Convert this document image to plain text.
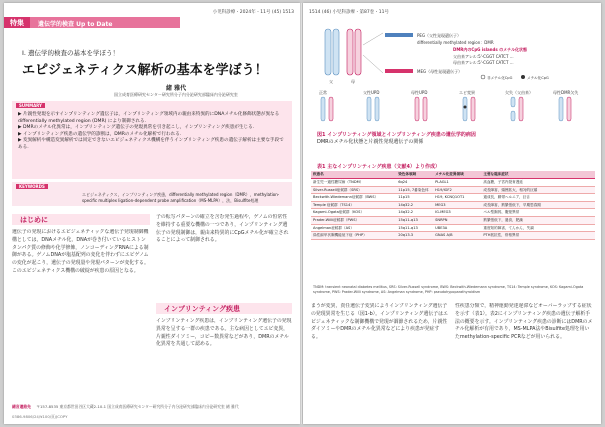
小児科診療・2024年・11号 (45) 1513
特集	遺伝学的検査 Up to Date
Ⅰ. 遺伝学的検査の基本を学ぼう！
エピジェネティクス解析の基本を学ぼう！
緒 雅代
国立成育医療研究センター研究所分子内分泌研究部臨床内分泌研究室
SUMMARY
▶ 片親性発現を示すインプリンティング遺伝子は，インプリンティング領域内の親由来特異的にDNAメチル化修飾状態が異なるdifferentially methylated region (DMR) により制御される.
▶ DMRのメチル化異常は，インプリンティング遺伝子の発現異常を引き起こし，インプリンティング疾患が生じる.
▶ インプリンティング疾患の遺伝学的診断は，DMRのメチル化解析で行われる.
▶ 変異解析や構造変異解析では同定できないエピジェネティクス機構を伴うインプリンティング疾患の遺伝子解析は主要な手段である.
KEYWORDS
エピジェネティクス，インプリンティング疾患，differentially methylated region（DMR），methylation-specific multiplex ligation-dependent probe amplification（MS-MLPA），法，Bisulfite処理
はじめに
遺伝子の発現におけるエピジェネティックな遺伝子発現制御機構としては，DNAメチル化，DNAが巻き付いているヒストンタンパク質の修飾や化学修飾，ノンコーディングRNAによる制御がある。ゲノムDNAが塩基配列の変化を伴わずにエピゲノムの変化が起こり，遺伝子の発現量や発現パターンが変化する。このエピジェネティクス機構の破綻が疾患の原因となる。
子の転写パターンの確立を含む発生過程や，ゲノムの恒常性を維持する重要な機構の一つであり，インプリンティング遺伝子の発現制御は，親由来特異的にCpGメチル化が確立されることによって制御される。
インプリンティング疾患
インプリンティング疾患は，インプリンティング遺伝子の発現異常を呈する一群の疾患である。主な病因としてエピ変異，片親性ダイソミー，コピー数異常などがあり，DMRのメチル化異常を共通して認める。
緒言連絡先 〒157-8535 東京都世田谷区大蔵2-10-1 国立成育医療研究センター研究所分子内分泌研究部臨床内分泌研究室 緒 雅代
0386-9806/24/¥100/頁/JCOPY
1514 (46) 小児科診療・第87巻・11号
父	母
PEG（父性発現遺伝子）
differentially methylated region：DMR
DMR内のCpG islands のメチル化状態
父由来アレル:5'-CGGT CATCT …
母由来アレル:5'-CGGT CATCT …
MEG（母性発現遺伝子）
非メチル化CpG	メチル化CpG
正常	父性UPD	母性UPD	エピ変異	欠失（父由来）	母性DMR欠失
図1 インプリンティング領域とインプリンティング疾患の遺伝学的病因
DMRのメチル化状態と片親性発現遺伝子の関係
表1 主なインプリンティング疾患（文献4）より作成）
疾患名	染色体領域	メチル化変異領域	主要な臨床症状
新生児一過性糖尿病（TNDM）	6q24	PLAGL1	高血糖，子宮内発育遅延
Silver-Russell症候群（SRS）	11p15, 7番染色体	H19/IGF2	成長障害，頭囲拡大，相対的巨頭
Beckwith-Wiedemann症候群（BWS）	11p15	H19, KCNQ1OT1	過成長，臍帯ヘルニア，巨舌
Temple 症候群（TS14）	14q32.2	MEG3	成長障害，筋緊張低下，早期思春期
Kagami-Ogata症候群（KOS）	14q32.2	IG-MEG3	ベル型胸郭，腹壁異常
Prader-Willi症候群（PWS）	15q11-q13	SNRPN	筋緊張低下，過食，肥満
Angelman症候群（AS）	15q11-q13	UBE3A	重度知的障害，てんかん，失調
偽性副甲状腺機能低下症（PHP）	20q13.3	GNAS A/B	PTH抵抗性，骨格異常
TNDM: transient neonatal diabetes mellitus, SRS: Silver-Russell syndrome, BWS: Beckwith-Wiedemann syndrome, TS14: Temple syndrome, KOS: Kagami-Ogata syndrome, PWS: Prader-Willi syndrome, AS: Angelman syndrome, PHP: pseudohypoparathyroidism
まうが変異，責任遺伝子変異によりインプリンティング遺伝子の発現異常を生じる（図1-b）。インプリンティング遺伝子はエピジェネティックな制御機構で発現が調節されるため，片親性ダイソミーやDMRのメチル化異常などにより疾患が発症する。
性疾患分類で，精神運動発達遅滞などオーバーラップする症状を示す（表1）。表2にインプリンティング疾患の遺伝子解析手法の概要を示す。インプリンティング疾患の診断にはDMRのメチル化解析が有用であり，MS-MLPA法やBisulfite処理を用いたmethylation-specific PCRなどが用いられる。
